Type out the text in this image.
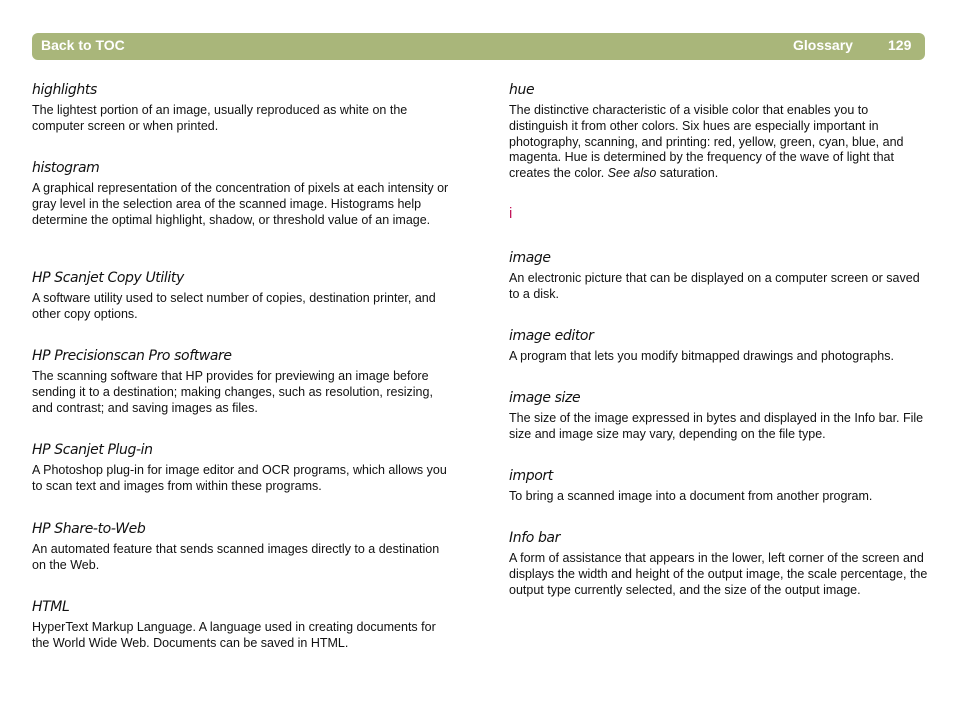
Back to TOC	Glossary	129

highlights

The lightest portion of an image, usually reproduced as white on the computer screen or when printed.

histogram

A graphical representation of the concentration of pixels at each intensity or gray level in the selection area of the scanned image. Histograms help determine the optimal highlight, shadow, or threshold value of an image.

HP Scanjet Copy Utility

A software utility used to select number of copies, destination printer, and other copy options.

HP Precisionscan Pro software

The scanning software that HP provides for previewing an image before sending it to a destination; making changes, such as resolution, resizing, and contrast; and saving images as files.

HP Scanjet Plug-in

A Photoshop plug-in for image editor and OCR programs, which allows you to scan text and images from within these programs.

HP Share-to-Web

An automated feature that sends scanned images directly to a destination on the Web.

HTML

HyperText Markup Language. A language used in creating documents for the World Wide Web. Documents can be saved in HTML.

hue

The distinctive characteristic of a visible color that enables you to distinguish it from other colors. Six hues are especially important in photography, scanning, and printing: red, yellow, green, cyan, blue, and magenta. Hue is determined by the frequency of the wave of light that creates the color. See also saturation.

i

image

An electronic picture that can be displayed on a computer screen or saved to a disk.

image editor

A program that lets you modify bitmapped drawings and photographs.

image size

The size of the image expressed in bytes and displayed in the Info bar. File size and image size may vary, depending on the file type.

import

To bring a scanned image into a document from another program.

Info bar

A form of assistance that appears in the lower, left corner of the screen and displays the width and height of the output image, the scale percentage, the output type currently selected, and the size of the output image.
